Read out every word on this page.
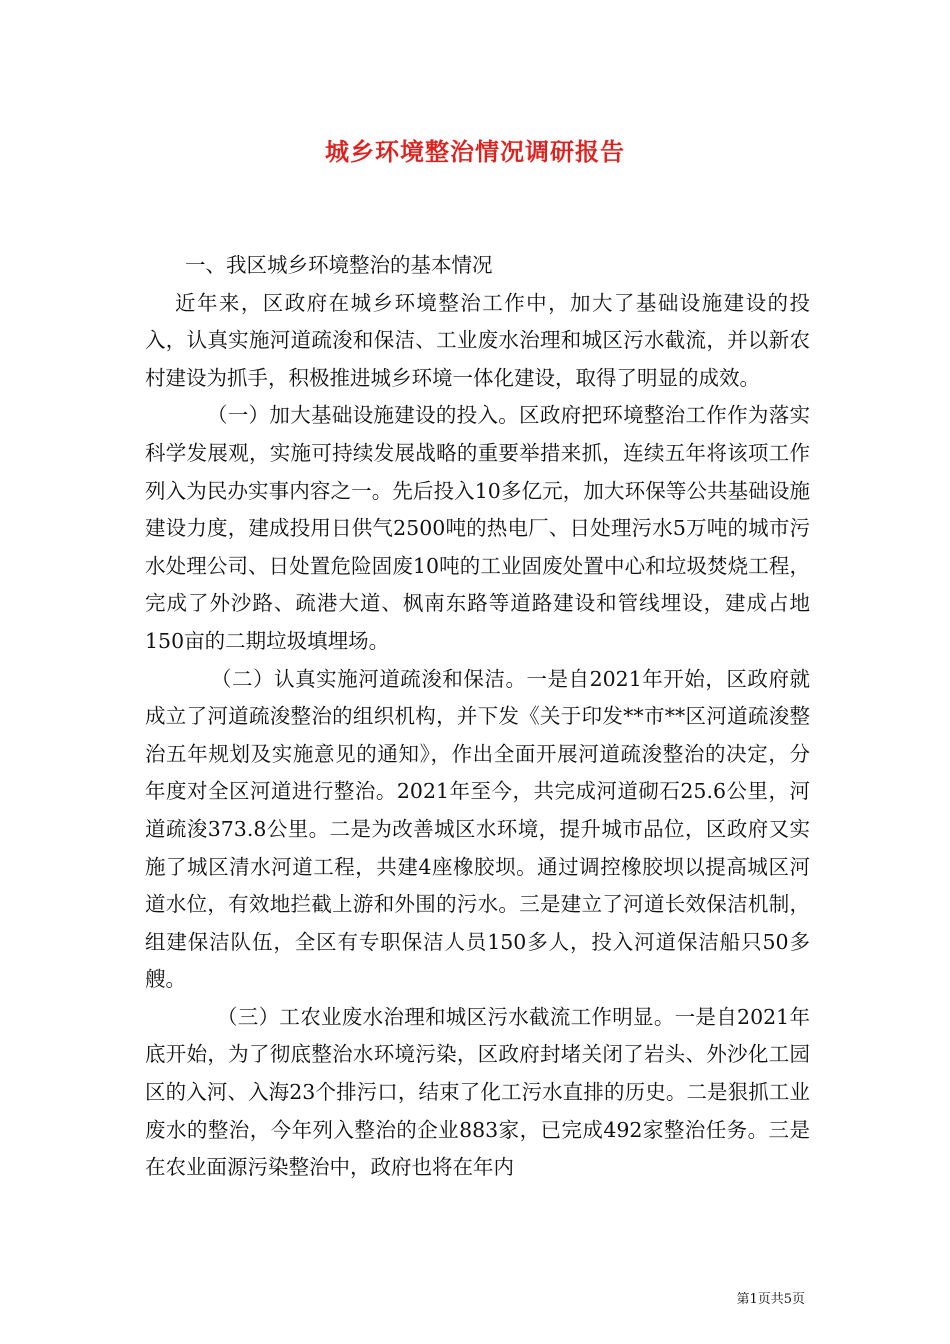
城乡环境整治情况调研报告

一、我区城乡环境整治的基本情况

近年来，区政府在城乡环境整治工作中，加大了基础设施建设的投入，认真实施河道疏浚和保洁、工业废水治理和城区污水截流，并以新农村建设为抓手，积极推进城乡环境一体化建设，取得了明显的成效。

（一）加大基础设施建设的投入。区政府把环境整治工作作为落实科学发展观，实施可持续发展战略的重要举措来抓，连续五年将该项工作列入为民办实事内容之一。先后投入10多亿元，加大环保等公共基础设施建设力度，建成投用日供气2500吨的热电厂、日处理污水5万吨的城市污水处理公司、日处置危险固废10吨的工业固废处置中心和垃圾焚烧工程，完成了外沙路、疏港大道、枫南东路等道路建设和管线埋设，建成占地150亩的二期垃圾填埋场。

（二）认真实施河道疏浚和保洁。一是自2021年开始，区政府就成立了河道疏浚整治的组织机构，并下发《关于印发**市**区河道疏浚整治五年规划及实施意见的通知》，作出全面开展河道疏浚整治的决定，分年度对全区河道进行整治。2021年至今，共完成河道砌石25.6公里，河道疏浚373.8公里。二是为改善城区水环境，提升城市品位，区政府又实施了城区清水河道工程，共建4座橡胶坝。通过调控橡胶坝以提高城区河道水位，有效地拦截上游和外围的污水。三是建立了河道长效保洁机制，组建保洁队伍，全区有专职保洁人员150多人，投入河道保洁船只50多艘。

（三）工农业废水治理和城区污水截流工作明显。一是自2021年底开始，为了彻底整治水环境污染，区政府封堵关闭了岩头、外沙化工园区的入河、入海23个排污口，结束了化工污水直排的历史。二是狠抓工业废水的整治，今年列入整治的企业883家，已完成492家整治任务。三是在农业面源污染整治中，政府也将在年内

第1页共5页
